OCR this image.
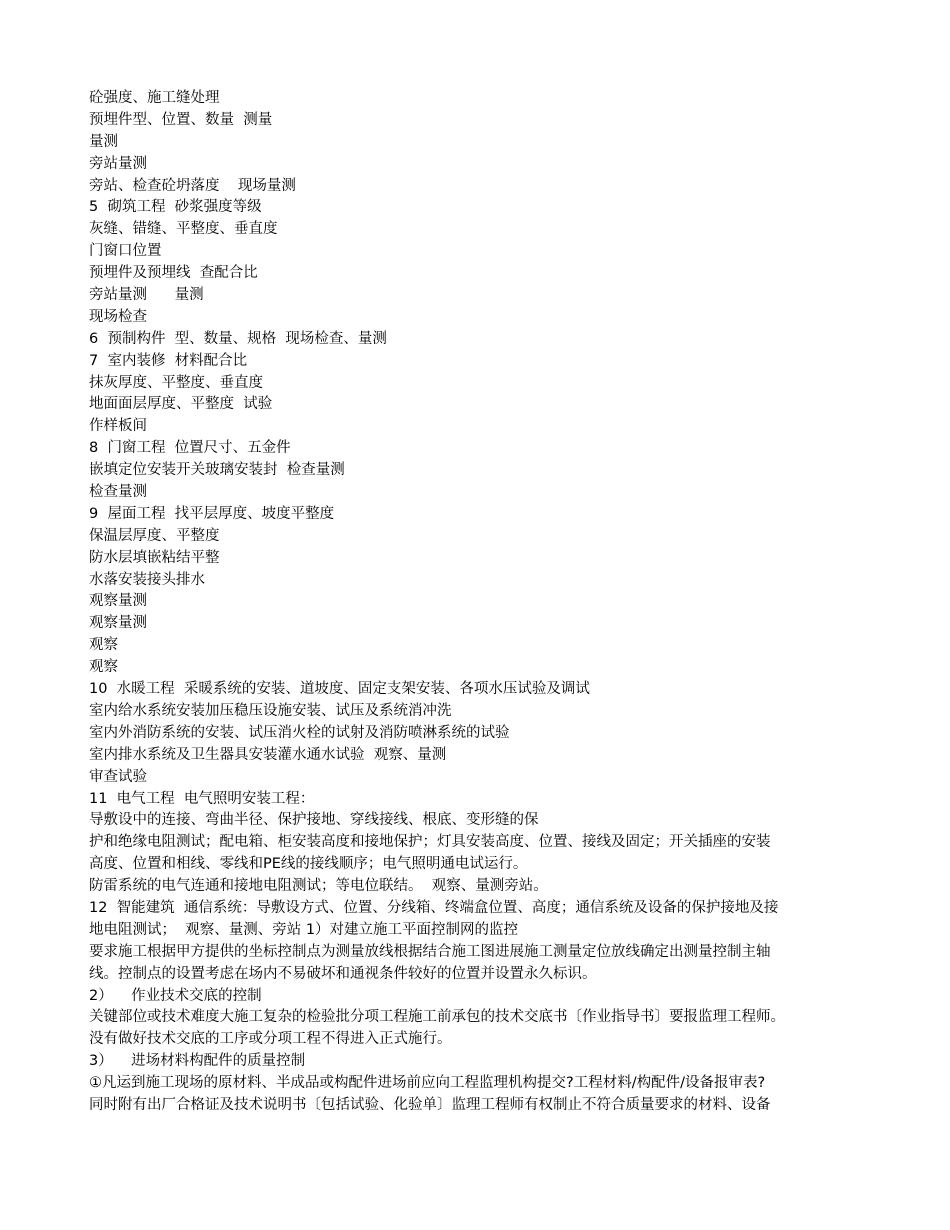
砼强度、施工缝处理
预埋件型、位置、数量  测量
量测
旁站量测
旁站、检查砼坍落度    现场量测
5  砌筑工程  砂浆强度等级
灰缝、错缝、平整度、垂直度
门窗口位置
预埋件及预埋线  查配合比
旁站量测      量测
现场检查
6  预制构件  型、数量、规格  现场检查、量测
7  室内装修  材料配合比
抹灰厚度、平整度、垂直度
地面面层厚度、平整度  试验
作样板间
8  门窗工程  位置尺寸、五金件
嵌填定位安装开关玻璃安装封  检查量测
检查量测
9  屋面工程  找平层厚度、坡度平整度
保温层厚度、平整度
防水层填嵌粘结平整
水落安装接头排水
观察量测
观察量测
观察
观察
10  水暖工程  采暖系统的安装、道坡度、固定支架安装、各项水压试验及调试
室内给水系统安装加压稳压设施安装、试压及系统消冲洗
室内外消防系统的安装、试压消火栓的试射及消防喷淋系统的试验
室内排水系统及卫生器具安装灌水通水试验  观察、量测
审查试验
11  电气工程  电气照明安装工程：
导敷设中的连接、弯曲半径、保护接地、穿线接线、根底、变形缝的保
护和绝缘电阻测试；配电箱、柜安装高度和接地保护；灯具安装高度、位置、接线及固定；开关插座的安装
高度、位置和相线、零线和PE线的接线顺序；电气照明通电试运行。
防雷系统的电气连通和接地电阻测试；等电位联结。  观察、量测旁站。
12  智能建筑  通信系统：导敷设方式、位置、分线箱、终端盒位置、高度；通信系统及设备的保护接地及接
地电阻测试；  观察、量测、旁站 1）对建立施工平面控制网的监控
要求施工根据甲方提供的坐标控制点为测量放线根据结合施工图进展施工测量定位放线确定出测量控制主轴
线。控制点的设置考虑在场内不易破坏和通视条件较好的位置并设置永久标识。
2）    作业技术交底的控制
关键部位或技术难度大施工复杂的检验批分项工程施工前承包的技术交底书〔作业指导书〕要报监理工程师。
没有做好技术交底的工序或分项工程不得进入正式施行。
3）    进场材料构配件的质量控制
①凡运到施工现场的原材料、半成品或构配件进场前应向工程监理机构提交?工程材料/构配件/设备报审表?
同时附有出厂合格证及技术说明书〔包括试验、化验单〕监理工程师有权制止不符合质量要求的材料、设备
